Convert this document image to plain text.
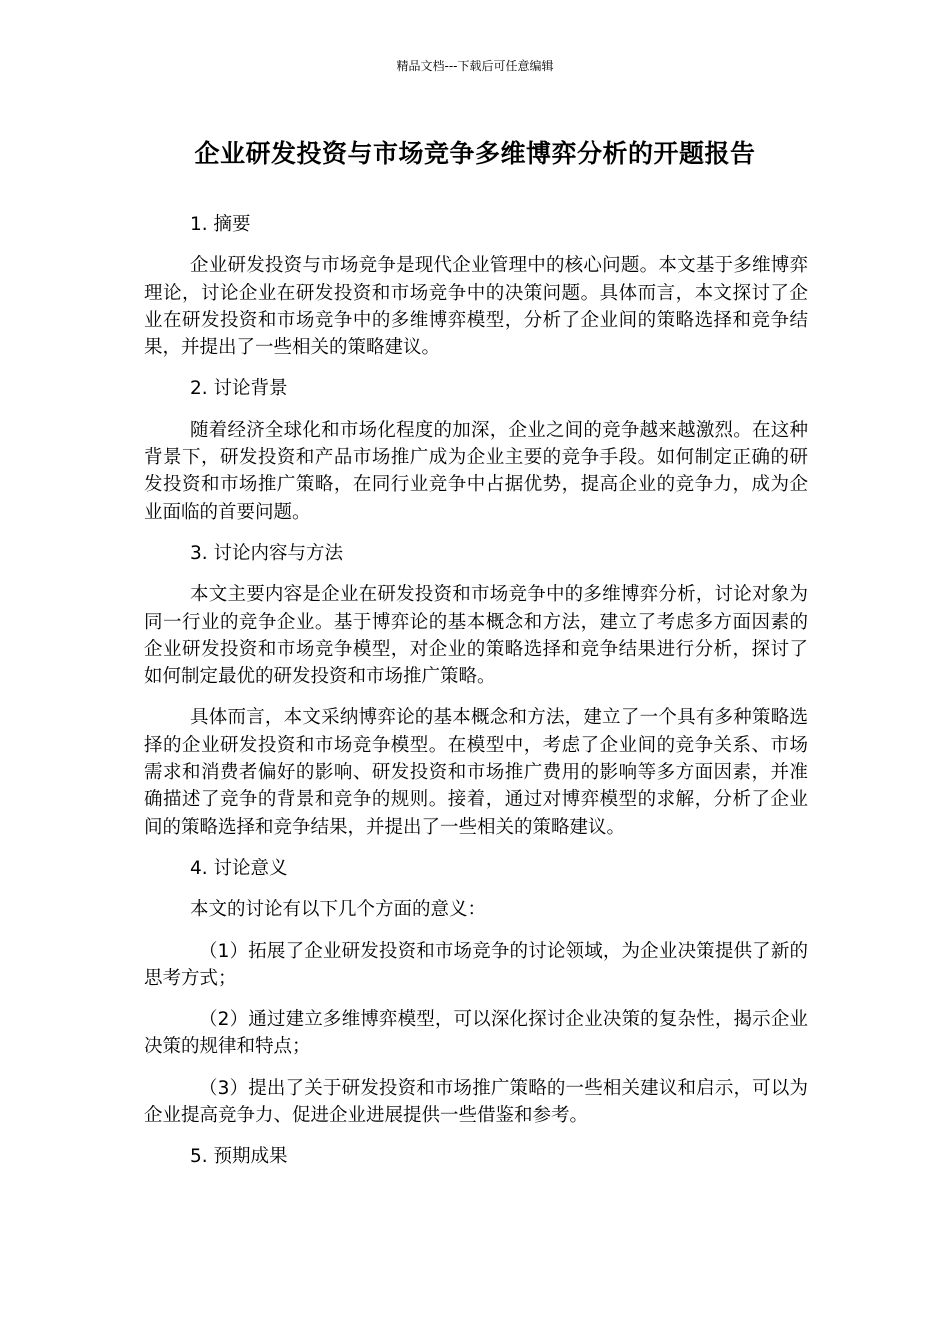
精品文档---下载后可任意编辑
企业研发投资与市场竞争多维博弈分析的开题报告
1. 摘要
企业研发投资与市场竞争是现代企业管理中的核心问题。本文基于多维博弈理论，讨论企业在研发投资和市场竞争中的决策问题。具体而言，本文探讨了企业在研发投资和市场竞争中的多维博弈模型，分析了企业间的策略选择和竞争结果，并提出了一些相关的策略建议。
2. 讨论背景
随着经济全球化和市场化程度的加深，企业之间的竞争越来越激烈。在这种背景下，研发投资和产品市场推广成为企业主要的竞争手段。如何制定正确的研发投资和市场推广策略，在同行业竞争中占据优势，提高企业的竞争力，成为企业面临的首要问题。
3. 讨论内容与方法
本文主要内容是企业在研发投资和市场竞争中的多维博弈分析，讨论对象为同一行业的竞争企业。基于博弈论的基本概念和方法，建立了考虑多方面因素的企业研发投资和市场竞争模型，对企业的策略选择和竞争结果进行分析，探讨了如何制定最优的研发投资和市场推广策略。
具体而言，本文采纳博弈论的基本概念和方法，建立了一个具有多种策略选择的企业研发投资和市场竞争模型。在模型中，考虑了企业间的竞争关系、市场需求和消费者偏好的影响、研发投资和市场推广费用的影响等多方面因素，并准确描述了竞争的背景和竞争的规则。接着，通过对博弈模型的求解，分析了企业间的策略选择和竞争结果，并提出了一些相关的策略建议。
4. 讨论意义
本文的讨论有以下几个方面的意义：
（1）拓展了企业研发投资和市场竞争的讨论领域，为企业决策提供了新的思考方式；
（2）通过建立多维博弈模型，可以深化探讨企业决策的复杂性，揭示企业决策的规律和特点；
（3）提出了关于研发投资和市场推广策略的一些相关建议和启示，可以为企业提高竞争力、促进企业进展提供一些借鉴和参考。
5. 预期成果
